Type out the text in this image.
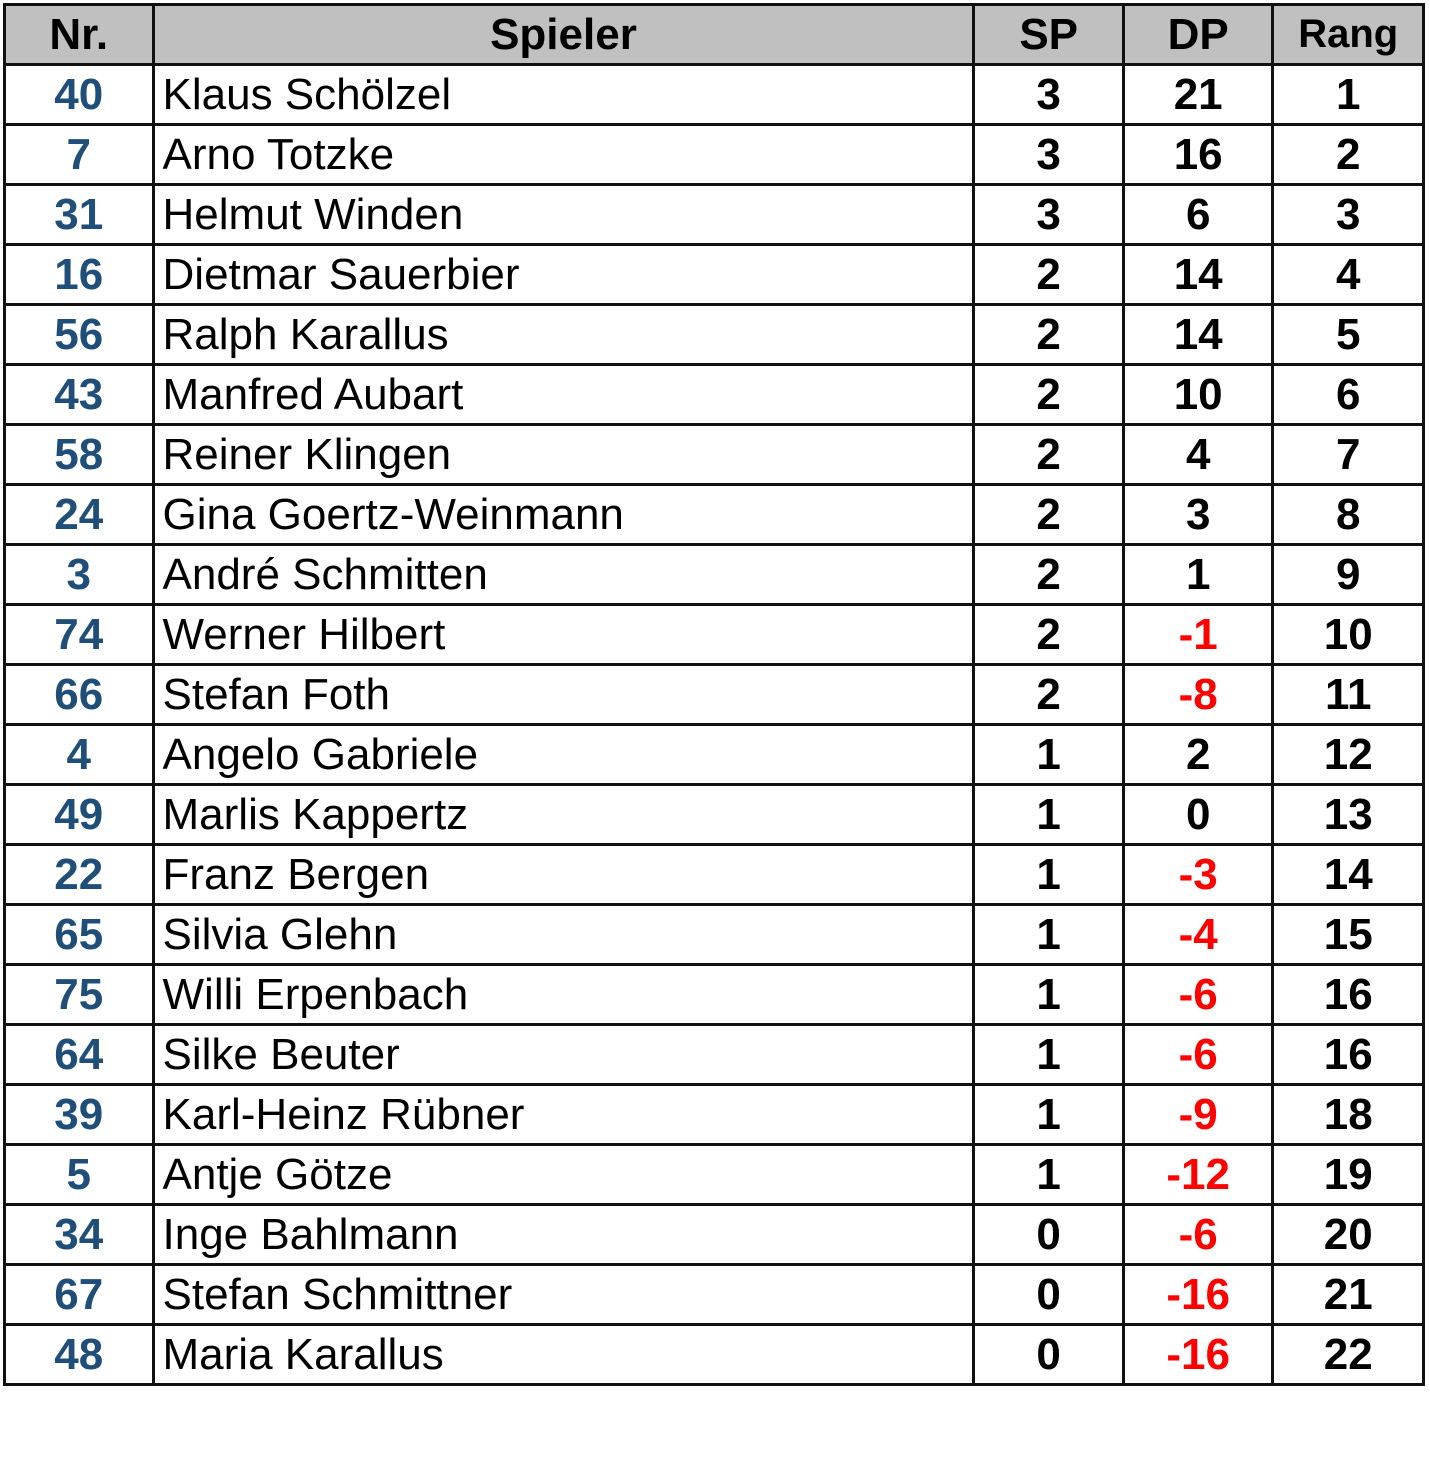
Nr.	Spieler	SP	DP	Rang
40	Klaus Schölzel	3	21	1
7	Arno Totzke	3	16	2
31	Helmut Winden	3	6	3
16	Dietmar Sauerbier	2	14	4
56	Ralph Karallus	2	14	5
43	Manfred Aubart	2	10	6
58	Reiner Klingen	2	4	7
24	Gina Goertz-Weinmann	2	3	8
3	André Schmitten	2	1	9
74	Werner Hilbert	2	-1	10
66	Stefan Foth	2	-8	11
4	Angelo Gabriele	1	2	12
49	Marlis Kappertz	1	0	13
22	Franz Bergen	1	-3	14
65	Silvia Glehn	1	-4	15
75	Willi Erpenbach	1	-6	16
64	Silke Beuter	1	-6	16
39	Karl-Heinz Rübner	1	-9	18
5	Antje Götze	1	-12	19
34	Inge Bahlmann	0	-6	20
67	Stefan Schmittner	0	-16	21
48	Maria Karallus	0	-16	22
